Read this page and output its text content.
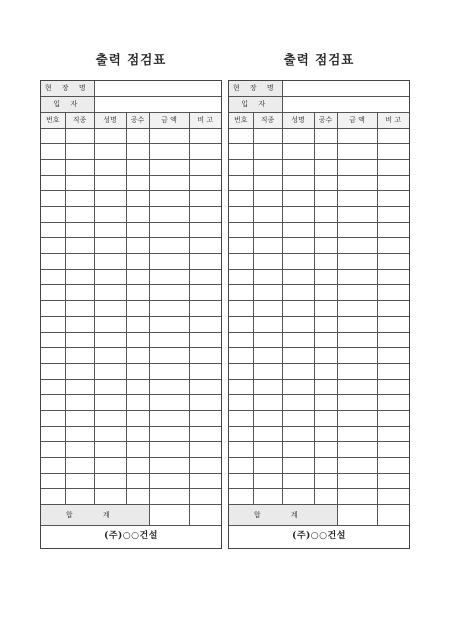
출력 점검표
현 장 명					
입 자					
번호	직종	성명	공수	금 액	비 고

합 계					
(주)○○건설					
출력 점검표
현 장 명					
입 자					
번호	직종	성명	공수	금 액	비 고

합 계					
(주)○○건설					
